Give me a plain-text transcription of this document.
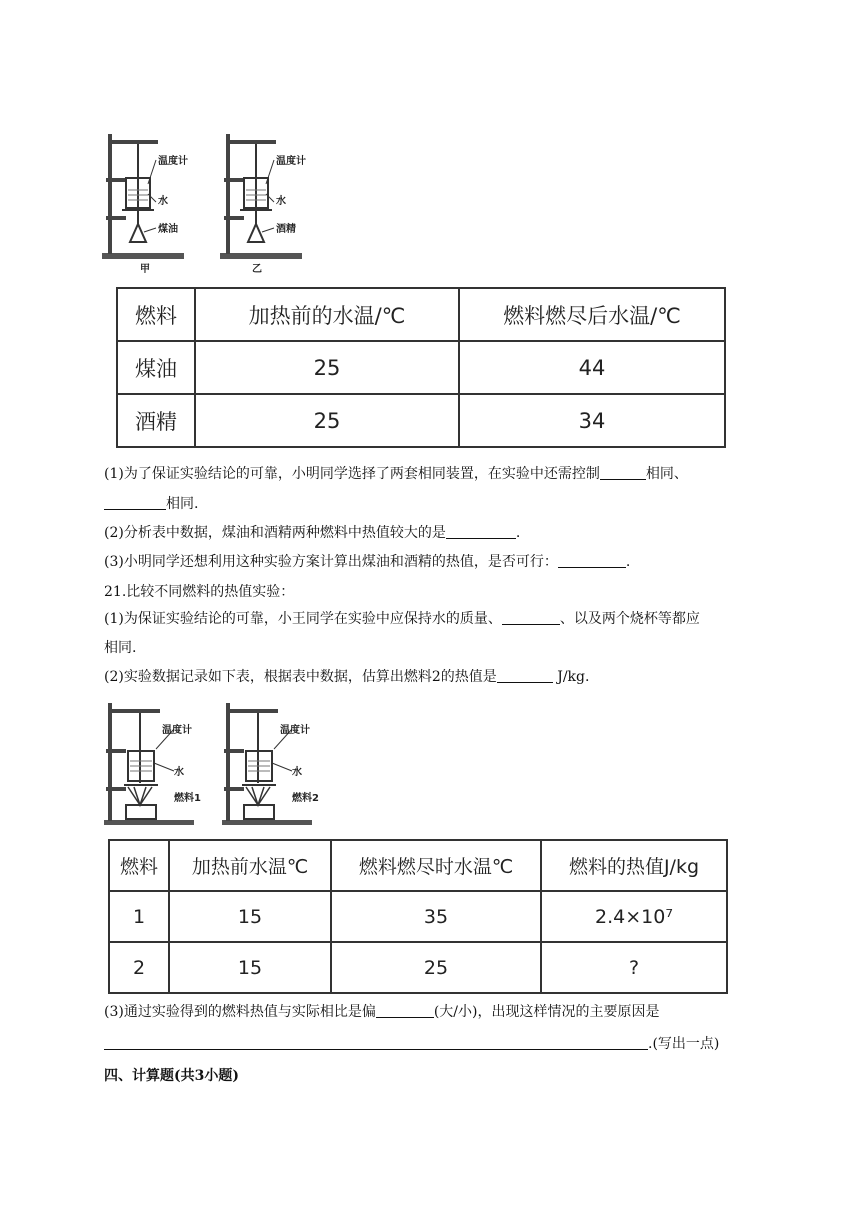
温度计
水
煤油
甲
温度计
水
酒精
乙
燃料	加热前的水温/℃	燃料燃尽后水温/℃
煤油	25	44
酒精	25	34
(1)为了保证实验结论的可靠，小明同学选择了两套相同装置，在实验中还需控制	相同、
相同.
(2)分析表中数据，煤油和酒精两种燃料中热值较大的是	.
(3)小明同学还想利用这种实验方案计算出煤油和酒精的热值，是否可行：	.
21.比较不同燃料的热值实验：
(1)为保证实验结论的可靠，小王同学在实验中应保持水的质量、	、以及两个烧杯等都应
相同.
(2)实验数据记录如下表，根据表中数据，估算出燃料2的热值是	J/kg.
温度计
水
燃料1
温度计
水
燃料2
燃料	加热前水温℃	燃料燃尽时水温℃	燃料的热值J/kg
1	15	35	2.4×10⁷
2	15	25	?
(3)通过实验得到的燃料热值与实际相比是偏	(大/小)，出现这样情况的主要原因是
.(写出一点)
四、计算题(共3小题)
